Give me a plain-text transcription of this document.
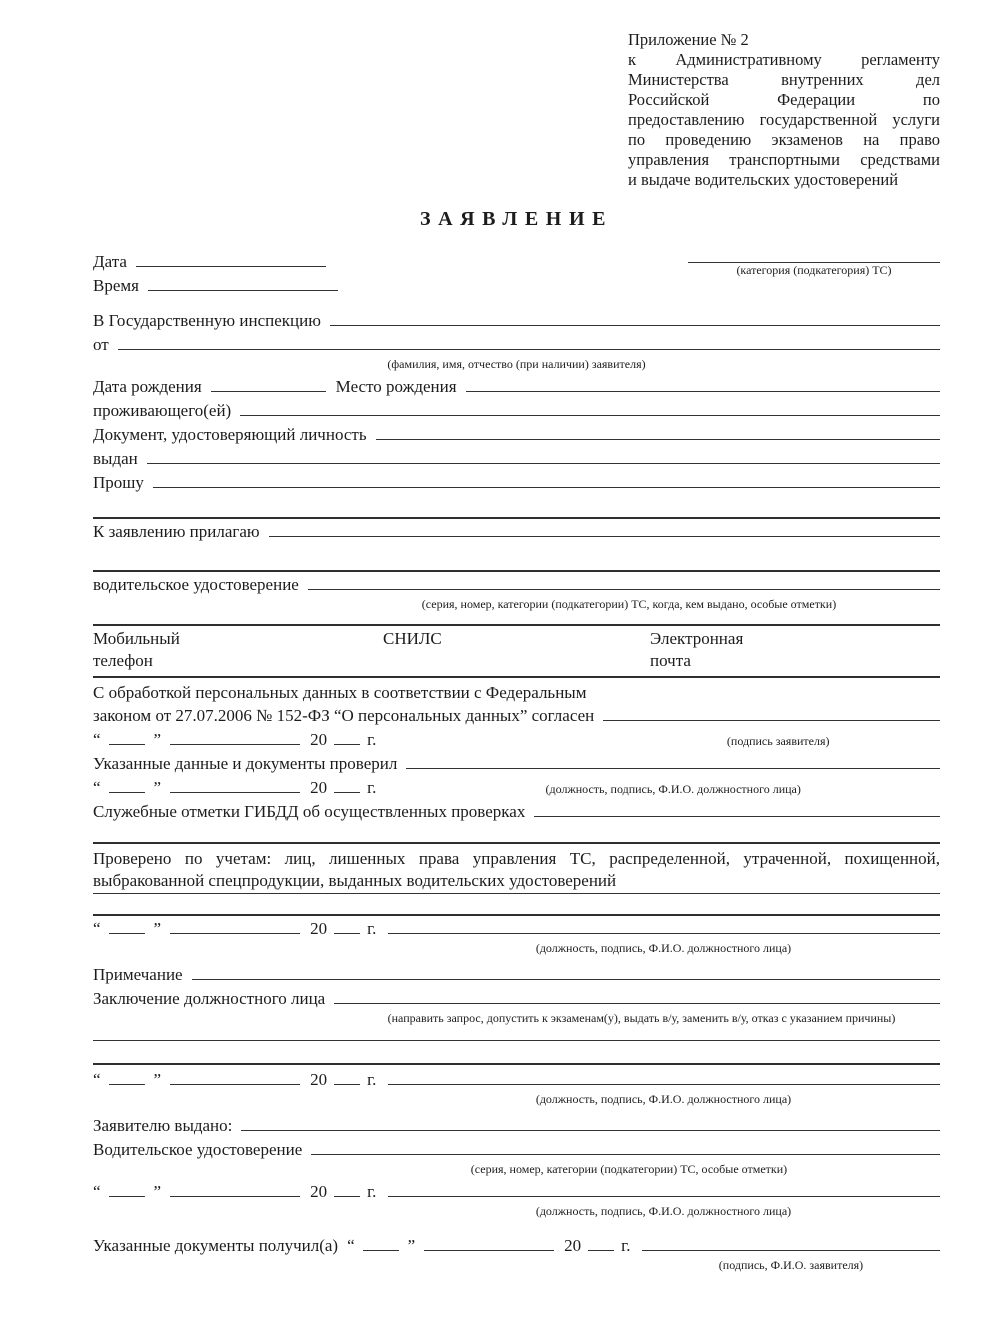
Приложение № 2
к Административному регламенту
Министерства внутренних дел
Российской Федерации по
предоставлению государственной услуги
по проведению экзаменов на право
управления транспортными средствами
и выдаче водительских удостоверений
ЗАЯВЛЕНИЕ
Дата
Время
(категория (подкатегория) ТС)
В Государственную инспекцию
от
(фамилия, имя, отчество (при наличии) заявителя)
Дата рождения	Место рождения
проживающего(ей)
Документ, удостоверяющий личность
выдан
Прошу
К заявлению прилагаю
водительское удостоверение
(серия, номер, категории (подкатегории) ТС, когда, кем выдано, особые отметки)
Мобильный
телефон
СНИЛС	Электронная
почта
С обработкой персональных данных в соответствии с Федеральным
законом от 27.07.2006 № 152-ФЗ “О персональных данных” согласен
“	”	20 г.	(подпись заявителя)
Указанные данные и документы проверил
“	”	20 г.	(должность, подпись, Ф.И.О. должностного лица)
Служебные отметки ГИБДД об осуществленных проверках
Проверено по учетам: лиц, лишенных права управления ТС, распределенной, утраченной, похищенной,
выбракованной спецпродукции, выданных водительских удостоверений
“	”	20 г.
(должность, подпись, Ф.И.О. должностного лица)
Примечание
Заключение должностного лица
(направить запрос, допустить к экзаменам(у), выдать в/у, заменить в/у, отказ с указанием причины)
“	”	20 г.
(должность, подпись, Ф.И.О. должностного лица)
Заявителю выдано:
Водительское удостоверение
(серия, номер, категории (подкатегории) ТС, особые отметки)
“	”	20 г.
(должность, подпись, Ф.И.О. должностного лица)
Указанные документы получил(а) “	”	20 г.
(подпись, Ф.И.О. заявителя)
